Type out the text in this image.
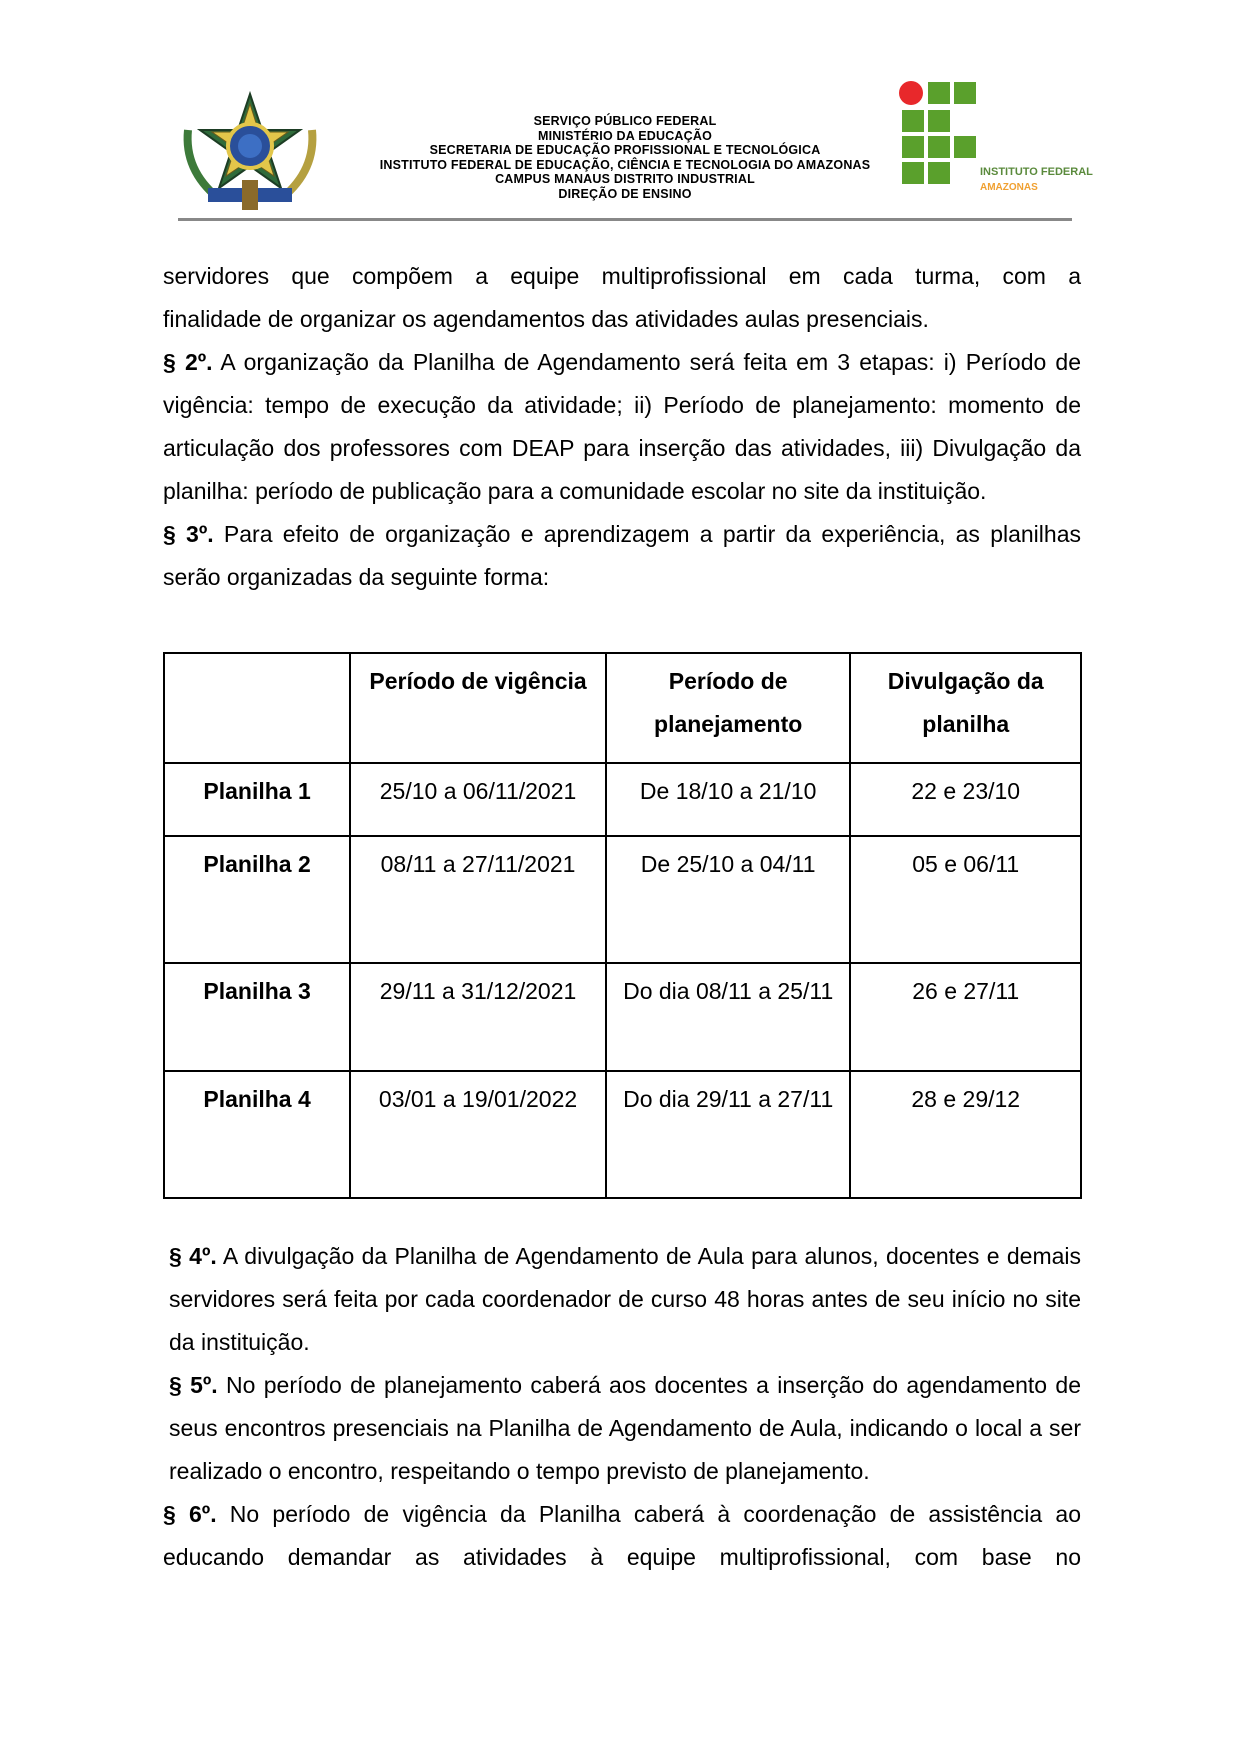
SERVIÇO PÚBLICO FEDERAL
MINISTÉRIO DA EDUCAÇÃO
SECRETARIA DE EDUCAÇÃO PROFISSIONAL E TECNOLÓGICA
INSTITUTO FEDERAL DE EDUCAÇÃO, CIÊNCIA E TECNOLOGIA DO AMAZONAS
CAMPUS MANAUS DISTRITO INDUSTRIAL
DIREÇÃO DE ENSINO
INSTITUTO FEDERAL
AMAZONAS

servidores que compõem a equipe multiprofissional em cada turma, com a

finalidade de organizar os agendamentos das atividades aulas presenciais.

§ 2º. A organização da Planilha de Agendamento será feita em 3 etapas: i) Período de vigência: tempo de execução da atividade; ii) Período de planejamento: momento de articulação dos professores com DEAP para inserção das atividades, iii) Divulgação da planilha: período de publicação para a comunidade escolar no site da instituição.

§ 3º. Para efeito de organização e aprendizagem a partir da experiência, as planilhas serão organizadas da seguinte forma:

	Período de vigência	Período de planejamento	Divulgação da planilha
Planilha 1	25/10 a 06/11/2021	De 18/10 a 21/10	22 e 23/10
Planilha 2	08/11 a 27/11/2021	De 25/10 a 04/11	05 e 06/11
Planilha 3	29/11 a 31/12/2021	Do dia 08/11 a 25/11	26 e 27/11
Planilha 4	03/01 a 19/01/2022	Do dia 29/11 a 27/11	28 e 29/12

§ 4º. A divulgação da Planilha de Agendamento de Aula para alunos, docentes e demais servidores será feita por cada coordenador de curso 48 horas antes de seu início no site da instituição.

§ 5º. No período de planejamento caberá aos docentes a inserção do agendamento de seus encontros presenciais na Planilha de Agendamento de Aula, indicando o local a ser realizado o encontro, respeitando o tempo previsto de planejamento.

§ 6º. No período de vigência da Planilha caberá à coordenação de assistência ao educando demandar as atividades à equipe multiprofissional, com base no
